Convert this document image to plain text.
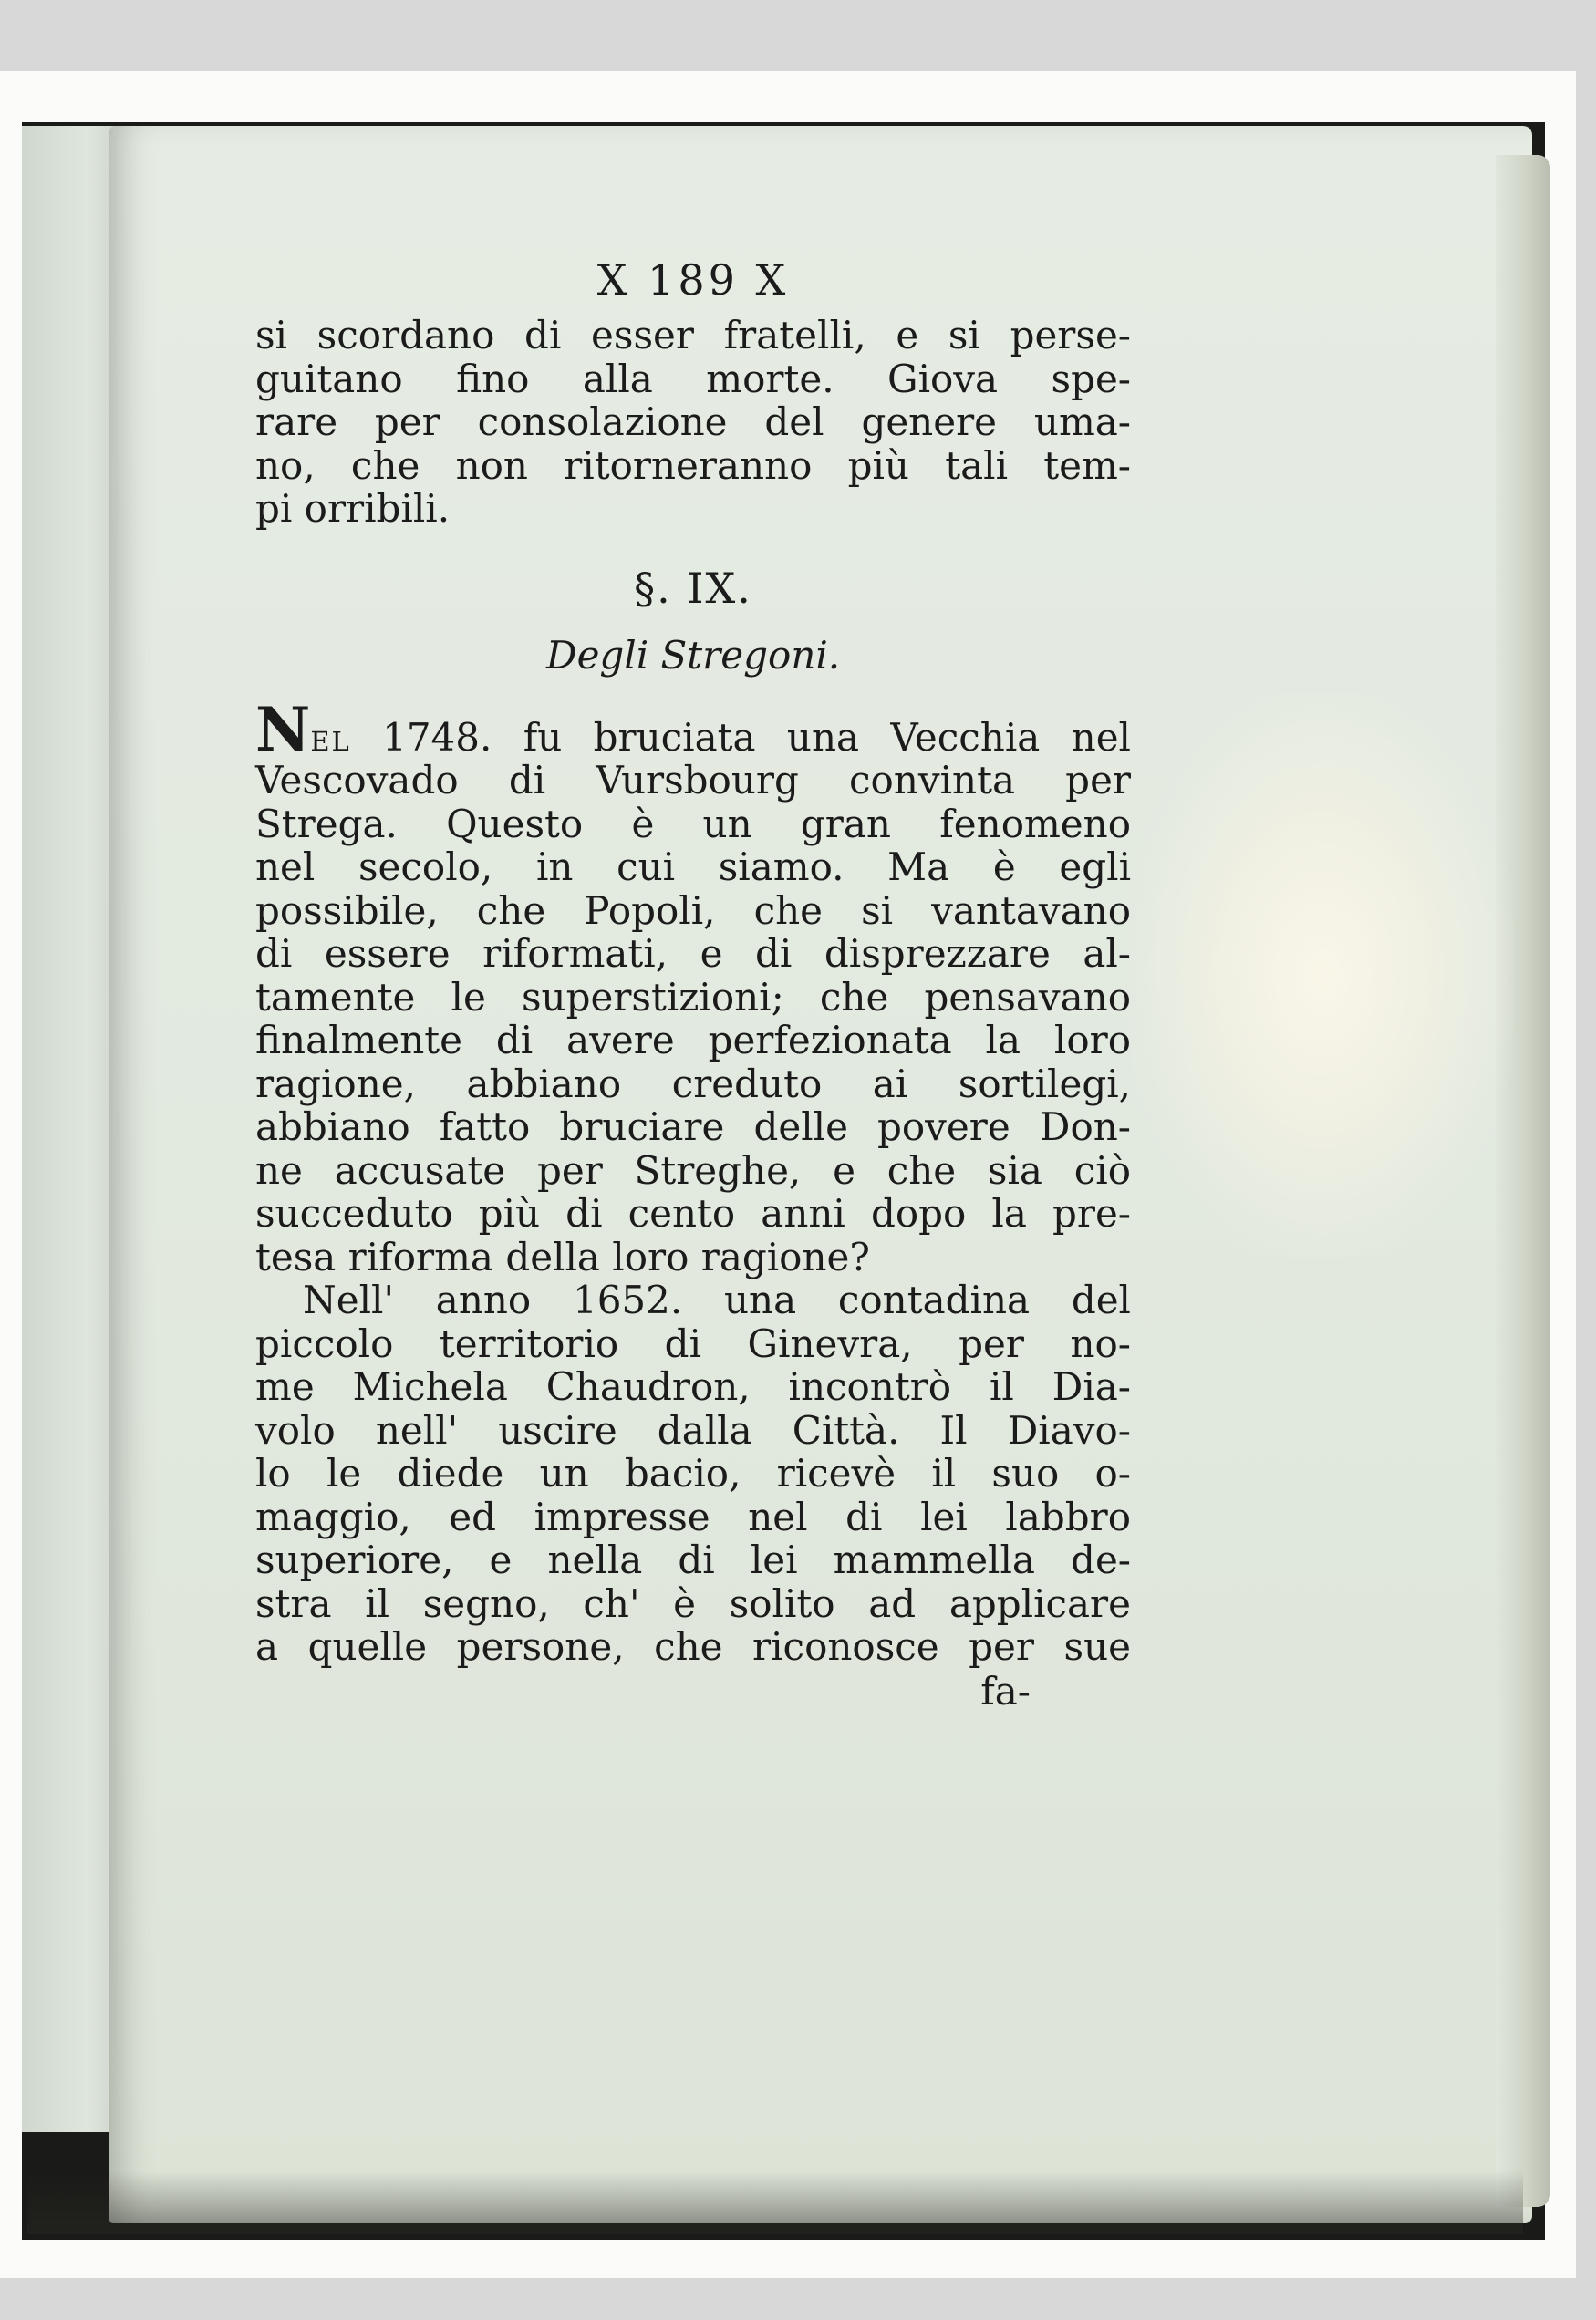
X 189 X
si scordano di esser fratelli, e si perse-
guitano fino alla morte. Giova spe-
rare per consolazione del genere uma-
no, che non ritorneranno più tali tem-
pi orribili.
§. IX.
Degli Stregoni.
Nel 1748. fu bruciata una Vecchia nel
Vescovado di Vursbourg convinta per
Strega. Questo è un gran fenomeno
nel secolo, in cui siamo. Ma è egli
possibile, che Popoli, che si vantavano
di essere riformati, e di disprezzare al-
tamente le superstizioni; che pensavano
finalmente di avere perfezionata la loro
ragione, abbiano creduto ai sortilegi,
abbiano fatto bruciare delle povere Don-
ne accusate per Streghe, e che sia ciò
succeduto più di cento anni dopo la pre-
tesa riforma della loro ragione?
Nell' anno 1652. una contadina del
piccolo territorio di Ginevra, per no-
me Michela Chaudron, incontrò il Dia-
volo nell' uscire dalla Città. Il Diavo-
lo le diede un bacio, ricevè il suo o-
maggio, ed impresse nel di lei labbro
superiore, e nella di lei mammella de-
stra il segno, ch' è solito ad applicare
a quelle persone, che riconosce per sue
fa-
